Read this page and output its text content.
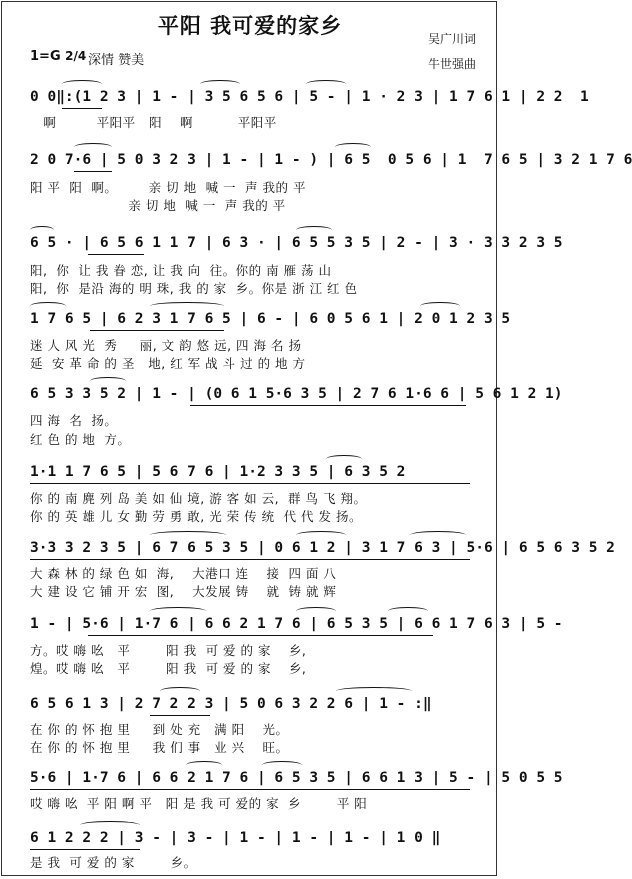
平阳 我可爱的家乡
吴广川词
牛世强曲
1=G 2/4 深情 赞美
0 0‖:(1 2 3 | 1 - | 3 5 6 5 6 | 5 - | 1 · 2 3 | 1 7 6 1 | 2 2  1
啊         平阳平   阳    啊          平阳平
2 0 7·6 | 5 0 3 2 3 | 1 - | 1 - ) | 6 5  0 5 6 | 1  7 6 5 | 3 2 1 7 6
阳 平  阳  啊。       亲 切 地  喊 一  声 我的 平
亲 切 地  喊 一  声 我的 平
6 5 · | 6 5 6 1 1 7 | 6 3 · | 6 5 5 3 5 | 2 - | 3 · 3 3 2 3 5
阳,  你  让 我 眷 恋, 让 我 向  往。你的 南 雁 荡 山
阳,  你  是沿 海的 明 珠, 我 的 家  乡。你是 浙 江 红 色
1 7 6 5 | 6 2 3 1 7 6 5 | 6 - | 6 0 5 6 1 | 2 0 1 2 3 5
迷 人 风 光  秀     丽, 文 韵 悠 远, 四 海 名 扬
延  安 革 命 的 圣   地, 红 军 战 斗 过 的 地 方
6 5 3 3 5 2 | 1 - | (0 6 1 5·6 3 5 | 2 7 6 1·6 6 | 5 6 1 2 1)
四 海  名  扬。
红 色 的 地  方。
1·1 1 7 6 5 | 5 6 7 6 | 1·2 3 3 5 | 6 3 5 2
你 的 南 麂 列 岛 美 如 仙 境, 游 客 如 云,  群 鸟 飞 翔。
你 的 英 雄 儿 女 勤 劳 勇 敢, 光 荣 传 统  代 代 发 扬。
3·3 3 2 3 5 | 6 7 6 5 3 5 | 0 6 1 2 | 3 1 7 6 3 | 5·6 | 6 5 6 3 5 2
大 森 林 的 绿 色 如  海,    大港口 连    接  四 面 八
大 建 设 它 铺 开 宏  图,    大发展 铸    就  铸 就 辉
1 - | 5·6 | 1·7 6 | 6 6 2 1 7 6 | 6 5 3 5 | 6 6 1 7 6 3 | 5 -
方。哎 嗨 吆   平        阳 我  可 爱 的 家    乡,
煌。哎 嗨 吆   平        阳 我  可 爱 的 家    乡,
6 5 6 1 3 | 2 7 2 2 3 | 5 0 6 3 2 2 6 | 1 - :‖
在 你 的 怀 抱 里     到 处 充   满 阳    光。
在 你 的 怀 抱 里     我 们 事   业 兴    旺。
5·6 | 1·7 6 | 6 6 2 1 7 6 | 6 5 3 5 | 6 6 1 3 | 5 - | 5 0 5 5
哎 嗨 吆  平 阳 啊 平   阳 是 我 可 爱的 家  乡        平 阳
6 1 2 2 2 | 3 - | 3 - | 1 - | 1 - | 1 - | 1 0 ‖
是 我  可 爱 的 家        乡。
